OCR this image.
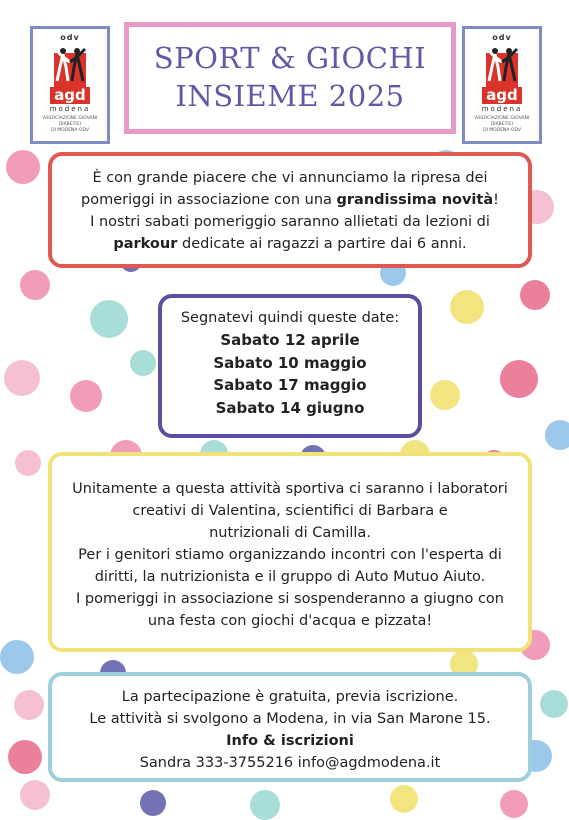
odv
agd
modena
ASSOCIAZIONE GIOVANI DIABETICI
DI MODENA ODV
odv
agd
modena
ASSOCIAZIONE GIOVANI DIABETICI
DI MODENA ODV
SPORT & GIOCHI
INSIEME 2025
È con grande piacere che vi annunciamo la ripresa dei
pomeriggi in associazione con una grandissima novità!
I nostri sabati pomeriggio saranno allietati da lezioni di
parkour dedicate ai ragazzi a partire dai 6 anni.
Segnatevi quindi queste date:
Sabato 12 aprile
Sabato 10 maggio
Sabato 17 maggio
Sabato 14 giugno
Unitamente a questa attività sportiva ci saranno i laboratori
creativi di Valentina, scientifici di Barbara e
nutrizionali di Camilla.
Per i genitori stiamo organizzando incontri con l'esperta di
diritti, la nutrizionista e il gruppo di Auto Mutuo Aiuto.
I pomeriggi in associazione si sospenderanno a giugno con
una festa con giochi d'acqua e pizzata!
La partecipazione è gratuita, previa iscrizione.
Le attività si svolgono a Modena, in via San Marone 15.
Info & iscrizioni
Sandra 333-3755216 info@agdmodena.it
